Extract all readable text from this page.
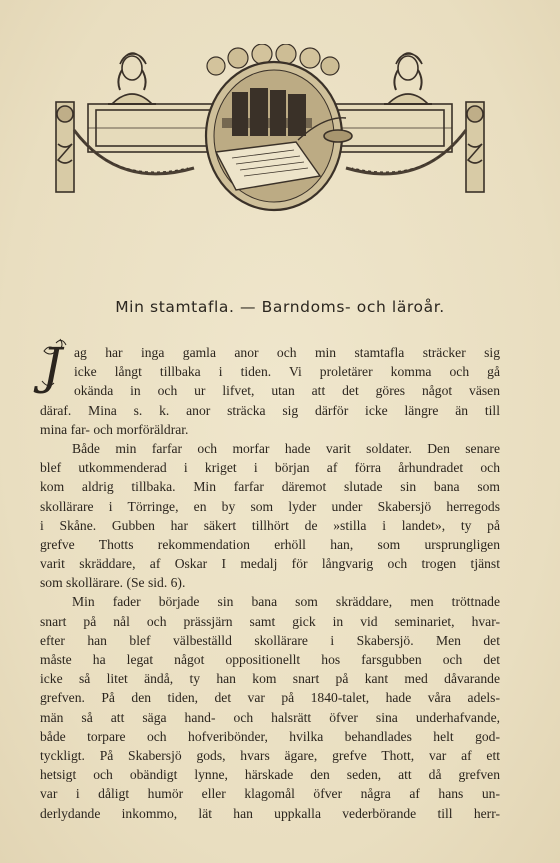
Min stamtafla. — Barndoms- och läroår.
J ag har inga gamla anor och min stamtafla sträcker sig
icke långt tillbaka i tiden. Vi proletärer komma och gå
okända in och ur lifvet, utan att det göres något väsen
däraf. Mina s. k. anor sträcka sig därför icke längre än till
mina far- och morföräldrar.
Både min farfar och morfar hade varit soldater. Den senare
blef utkommenderad i kriget i början af förra århundradet och
kom aldrig tillbaka. Min farfar däremot slutade sin bana som
skollärare i Törringe, en by som lyder under Skabersjö herregods
i Skåne. Gubben har säkert tillhört de »stilla i landet», ty på
grefve Thotts rekommendation erhöll han, som ursprungligen
varit skräddare, af Oskar I medalj för långvarig och trogen tjänst
som skollärare. (Se sid. 6).
Min fader började sin bana som skräddare, men tröttnade
snart på nål och prässjärn samt gick in vid seminariet, hvar-
efter han blef välbeställd skollärare i Skabersjö. Men det
måste ha legat något oppositionellt hos farsgubben och det
icke så litet ändå, ty han kom snart på kant med dåvarande
grefven. På den tiden, det var på 1840-talet, hade våra adels-
män så att säga hand- och halsrätt öfver sina underhafvande,
både torpare och hofveribönder, hvilka behandlades helt god-
tyckligt. På Skabersjö gods, hvars ägare, grefve Thott, var af ett
hetsigt och obändigt lynne, härskade den seden, att då grefven
var i dåligt humör eller klagomål öfver några af hans un-
derlydande inkommo, lät han uppkalla vederbörande till herr-
